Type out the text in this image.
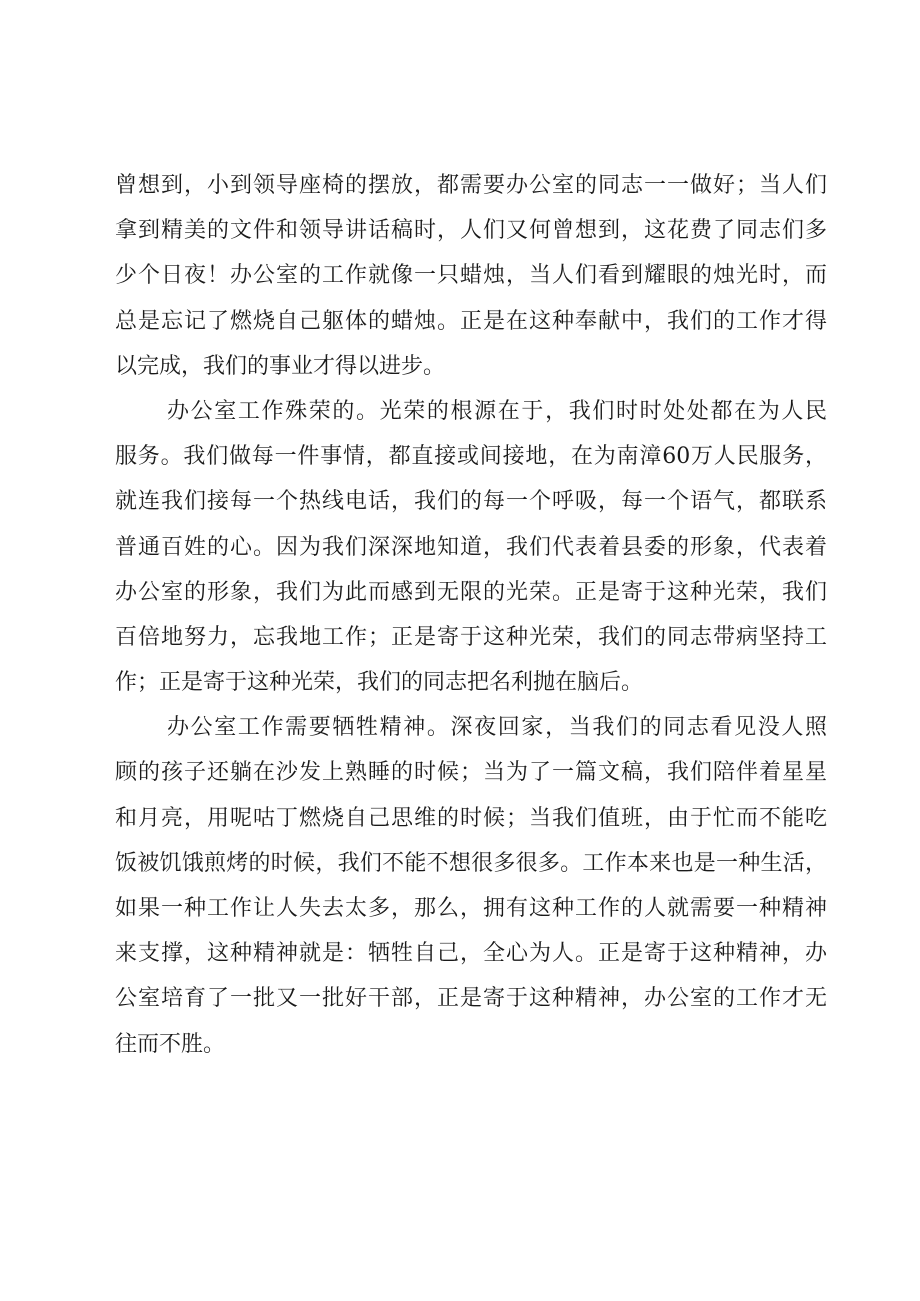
曾想到，小到领导座椅的摆放，都需要办公室的同志一一做好；当人们
拿到精美的文件和领导讲话稿时，人们又何曾想到，这花费了同志们多
少个日夜！办公室的工作就像一只蜡烛，当人们看到耀眼的烛光时，而
总是忘记了燃烧自己躯体的蜡烛。正是在这种奉献中，我们的工作才得
以完成，我们的事业才得以进步。
办公室工作殊荣的。光荣的根源在于，我们时时处处都在为人民
服务。我们做每一件事情，都直接或间接地，在为南漳60万人民服务，
就连我们接每一个热线电话，我们的每一个呼吸，每一个语气，都联系
普通百姓的心。因为我们深深地知道，我们代表着县委的形象，代表着
办公室的形象，我们为此而感到无限的光荣。正是寄于这种光荣，我们
百倍地努力，忘我地工作；正是寄于这种光荣，我们的同志带病坚持工
作；正是寄于这种光荣，我们的同志把名利抛在脑后。
办公室工作需要牺牲精神。深夜回家，当我们的同志看见没人照
顾的孩子还躺在沙发上熟睡的时候；当为了一篇文稿，我们陪伴着星星
和月亮，用呢咕丁燃烧自己思维的时候；当我们值班，由于忙而不能吃
饭被饥饿煎烤的时候，我们不能不想很多很多。工作本来也是一种生活，
如果一种工作让人失去太多，那么，拥有这种工作的人就需要一种精神
来支撑，这种精神就是：牺牲自己，全心为人。正是寄于这种精神，办
公室培育了一批又一批好干部，正是寄于这种精神，办公室的工作才无
往而不胜。
